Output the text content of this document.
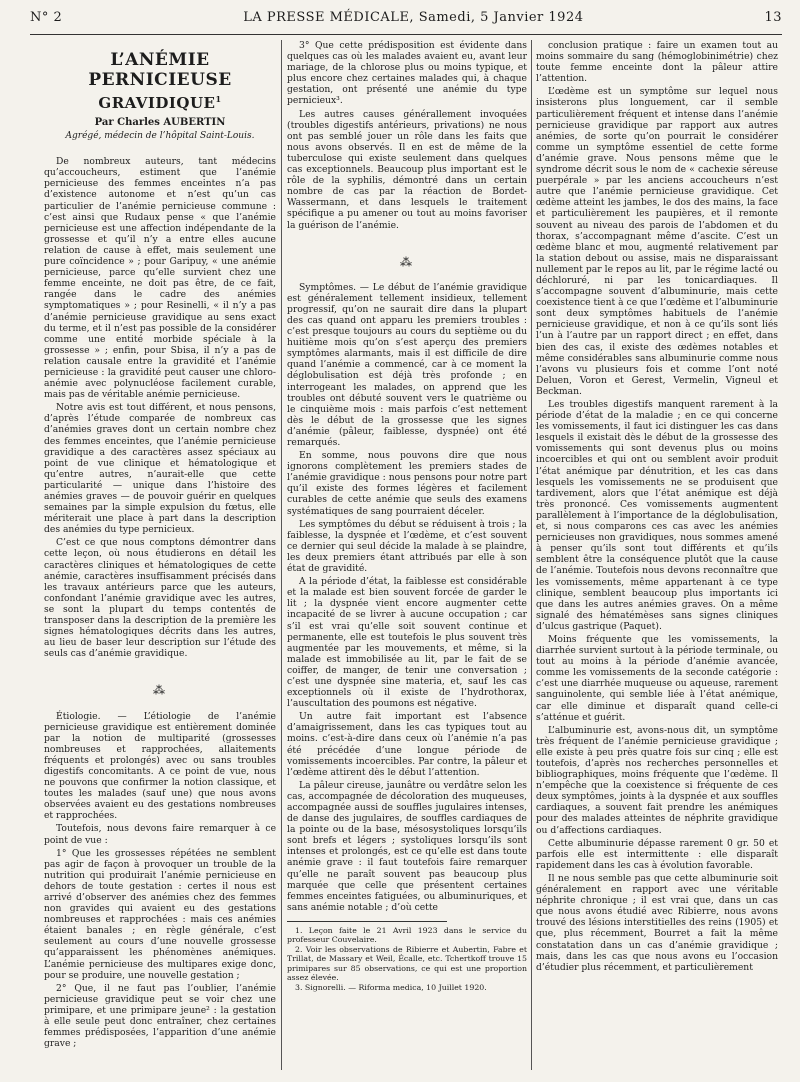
N° 2	LA PRESSE MÉDICALE, Samedi, 5 Janvier 1924	13
L’ANÉMIE PERNICIEUSE
GRAVIDIQUE$^1$
Par Charles AUBERTIN
Agrégé, médecin de l’hôpital Saint-Louis.

De nombreux auteurs, tant médecins qu’accoucheurs, estiment que l’anémie pernicieuse des femmes enceintes n’a pas d’existence autonome et n’est qu’un cas particulier de l’anémie pernicieuse commune : c’est ainsi que Rudaux pense « que l’anémie pernicieuse est une affection indépendante de la grossesse et qu’il n’y a entre elles aucune relation de cause à effet, mais seulement une pure coïncidence » ; pour Garipuy, « une anémie pernicieuse, parce qu’elle survient chez une femme enceinte, ne doit pas être, de ce fait, rangée dans le cadre des anémies symptomatiques » ; pour Resinelli, « il n’y a pas d’anémie pernicieuse gravidique au sens exact du terme, et il n’est pas possible de la considérer comme une entité morbide spéciale à la grossesse » ; enfin, pour Sbisa, il n’y a pas de relation causale entre la gravidité et l’anémie pernicieuse : la gravidité peut causer une chloro-anémie avec polynucléose facilement curable, mais pas de véritable anémie pernicieuse.

Notre avis est tout différent, et nous pensons, d’après l’étude comparée de nombreux cas d’anémies graves dont un certain nombre chez des femmes enceintes, que l’anémie pernicieuse gravidique a des caractères assez spéciaux au point de vue clinique et hématologique et qu’entre autres, n’aurait-elle que cette particularité — unique dans l’histoire des anémies graves — de pouvoir guérir en quelques semaines par la simple expulsion du fœtus, elle mériterait une place à part dans la description des anémies du type pernicieux.

C’est ce que nous comptons démontrer dans cette leçon, où nous étudierons en détail les caractères cliniques et hématologiques de cette anémie, caractères insuffisamment précisés dans les travaux antérieurs parce que les auteurs, confondant l’anémie gravidique avec les autres, se sont la plupart du temps contentés de transposer dans la description de la première les signes hématologiques décrits dans les autres, au lieu de baser leur description sur l’étude des seuls cas d’anémie gravidique.

⁂

Étiologie. — L’étiologie de l’anémie pernicieuse gravidique est entièrement dominée par la notion de multiparité (grossesses nombreuses et rapprochées, allaitements fréquents et prolongés) avec ou sans troubles digestifs concomitants. A ce point de vue, nous ne pouvons que confirmer la notion classique, et toutes les malades (sauf une) que nous avons observées avaient eu des gestations nombreuses et rapprochées.

Toutefois, nous devons faire remarquer à ce point de vue :

1° Que les grossesses répétées ne semblent pas agir de façon à provoquer un trouble de la nutrition qui produirait l’anémie pernicieuse en dehors de toute gestation : certes il nous est arrivé d’observer des anémies chez des femmes non gravides qui avaient eu des gestations nombreuses et rapprochées : mais ces anémies étaient banales ; en règle générale, c’est seulement au cours d’une nouvelle grossesse qu’apparaissent les phénomènes anémiques. L’anémie pernicieuse des multipares exige donc, pour se produire, une nouvelle gestation ;

2° Que, il ne faut pas l’oublier, l’anémie pernicieuse gravidique peut se voir chez une primipare, et une primipare jeune² : la gestation à elle seule peut donc entraîner, chez certaines femmes prédisposées, l’apparition d’une anémie grave ;

3° Que cette prédisposition est évidente dans quelques cas où les malades avaient eu, avant leur mariage, de la chlorose plus ou moins typique, et plus encore chez certaines malades qui, à chaque gestation, ont présenté une anémie du type pernicieux³.

Les autres causes générallement invoquées (troubles digestifs antérieurs, privations) ne nous ont pas semblé jouer un rôle dans les faits que nous avons observés. Il en est de même de la tuberculose qui existe seulement dans quelques cas exceptionnels. Beaucoup plus important est le rôle de la syphilis, démontré dans un certain nombre de cas par la réaction de Bordet-Wassermann, et dans lesquels le traitement spécifique a pu amener ou tout au moins favoriser la guérison de l’anémie.

⁂

Symptômes. — Le début de l’anémie gravidique est généralement tellement insidieux, tellement progressif, qu’on ne saurait dire dans la plupart des cas quand ont apparu les premiers troubles : c’est presque toujours au cours du septième ou du huitième mois qu’on s’est aperçu des premiers symptômes alarmants, mais il est difficile de dire quand l’anémie a commencé, car à ce moment la déglobulisation est déjà très profonde ; en interrogeant les malades, on apprend que les troubles ont débuté souvent vers le quatrième ou le cinquième mois : mais parfois c’est nettement dès le début de la grossesse que les signes d’anémie (pâleur, faiblesse, dyspnée) ont été remarqués.

En somme, nous pouvons dire que nous ignorons complètement les premiers stades de l’anémie gravidique : nous pensons pour notre part qu’il existe des formes légères et facilement curables de cette anémie que seuls des examens systématiques de sang pourraient déceler.

Les symptômes du début se réduisent à trois ; la faiblesse, la dyspnée et l’œdème, et c’est souvent ce dernier qui seul décide la malade à se plaindre, les deux premiers étant attribués par elle à son état de gravidité.

A la période d’état, la faiblesse est considérable et la malade est bien souvent forcée de garder le lit ; la dyspnée vient encore augmenter cette incapacité de se livrer à aucune occupation ; car s’il est vrai qu’elle soit souvent continue et permanente, elle est toutefois le plus souvent très augmentée par les mouvements, et même, si la malade est immobilisée au lit, par le fait de se coiffer, de manger, de tenir une conversation ; c’est une dyspnée sine materia, et, sauf les cas exceptionnels où il existe de l’hydrothorax, l’auscultation des poumons est négative.

Un autre fait important est l’absence d’amaigrissement, dans les cas typiques tout au moins. c’est-à-dire dans ceux où l’anémie n’a pas été précédée d’une longue période de vomissements incoercibles. Par contre, la pâleur et l’œdème attirent dès le début l’attention.

La pâleur cireuse, jaunâtre ou verdâtre selon les cas, accompagnée de décoloration des muqueuses, accompagnée aussi de souffles jugulaires intenses, de danse des jugulaires, de souffles cardiaques de la pointe ou de la base, mésosystoliques lorsqu’ils sont brefs et légers ; systoliques lorsqu’ils sont intenses et prolongés, est ce qu’elle est dans toute anémie grave : il faut toutefois faire remarquer qu’elle ne paraît souvent pas beaucoup plus marquée que celle que présentent certaines femmes enceintes fatiguées, ou albuminuriques, et sans anémie notable ; d’où cette

1. Leçon faite le 21 Avril 1923 dans le service du professeur Couvelaire.

2. Voir les observations de Ribierre et Aubertin, Fabre et Trillat, de Massary et Weil, Écalle, etc. Tchertkoff trouve 15 primipares sur 85 observations, ce qui est une proportion assez élevée.

3. Signorelli. — Riforma medica, 10 Juillet 1920.

conclusion pratique : faire un examen tout au moins sommaire du sang (hémoglobinimétrie) chez toute femme enceinte dont la pâleur attire l’attention.

L’œdème est un symptôme sur lequel nous insisterons plus longuement, car il semble particulièrement fréquent et intense dans l’anémie pernicieuse gravidique par rapport aux autres anémies, de sorte qu’on pourrait le considérer comme un symptôme essentiel de cette forme d’anémie grave. Nous pensons même que le syndrome décrit sous le nom de « cachexie séreuse puerpérale » par les anciens accoucheurs n’est autre que l’anémie pernicieuse gravidique. Cet œdème atteint les jambes, le dos des mains, la face et particulièrement les paupières, et il remonte souvent au niveau des parois de l’abdomen et du thorax, s’accompagnant même d’ascite. C’est un œdème blanc et mou, augmenté relativement par la station debout ou assise, mais ne disparaissant nullement par le repos au lit, par le régime lacté ou déchloruré, ni par les tonicardiaques. Il s’accompagne souvent d’albuminurie, mais cette coexistence tient à ce que l’œdème et l’albuminurie sont deux symptômes habituels de l’anémie pernicieuse gravidique, et non à ce qu’ils sont liés l’un à l’autre par un rapport direct ; en effet, dans bien des cas, il existe des œdèmes notables et même considérables sans albuminurie comme nous l’avons vu plusieurs fois et comme l’ont noté Deluen, Voron et Gerest, Vermelin, Vigneul et Beckman.

Les troubles digestifs manquent rarement à la période d’état de la maladie ; en ce qui concerne les vomissements, il faut ici distinguer les cas dans lesquels il existait dès le début de la grossesse des vomissements qui sont devenus plus ou moins incoercibles et qui ont ou semblent avoir produit l’état anémique par dénutrition, et les cas dans lesquels les vomissements ne se produisent que tardivement, alors que l’état anémique est déjà très prononcé. Ces vomissements augmentent parallèlement à l’importance de la déglobulisation, et, si nous comparons ces cas avec les anémies pernicieuses non gravidiques, nous sommes amené à penser qu’ils sont tout différents et qu’ils semblent être la conséquence plutôt que la cause de l’anémie. Toutefois nous devons reconnaître que les vomissements, même appartenant à ce type clinique, semblent beaucoup plus importants ici que dans les autres anémies graves. On a même signalé des hématémèses sans signes cliniques d’ulcus gastrique (Paquet).

Moins fréquente que les vomissements, la diarrhée survient surtout à la période terminale, ou tout au moins à la période d’anémie avancée, comme les vomissements de la seconde catégorie : c’est une diarrhée muqueuse ou aqueuse, rarement sanguinolente, qui semble liée à l’état anémique, car elle diminue et disparaît quand celle-ci s’atténue et guérit.

L’albuminurie est, avons-nous dit, un symptôme très fréquent de l’anémie pernicieuse gravidique ; elle existe à peu près quatre fois sur cinq ; elle est toutefois, d’après nos recherches personnelles et bibliographiques, moins fréquente que l’œdème. Il n’empêche que la coexistence si fréquente de ces deux symptômes, joints à la dyspnée et aux souffles cardiaques, a souvent fait prendre les anémiques pour des malades atteintes de néphrite gravidique ou d’affections cardiaques.

Cette albuminurie dépasse rarement 0 gr. 50 et parfois elle est intermittente : elle disparaît rapidement dans les cas à évolution favorable.

Il ne nous semble pas que cette albuminurie soit généralement en rapport avec une véritable néphrite chronique ; il est vrai que, dans un cas que nous avons étudié avec Ribierre, nous avons trouvé des lésions interstitielles des reins (1905) et que, plus récemment, Bourret a fait la même constatation dans un cas d’anémie gravidique ; mais, dans les cas que nous avons eu l’occasion d’étudier plus récemment, et particulièrement
